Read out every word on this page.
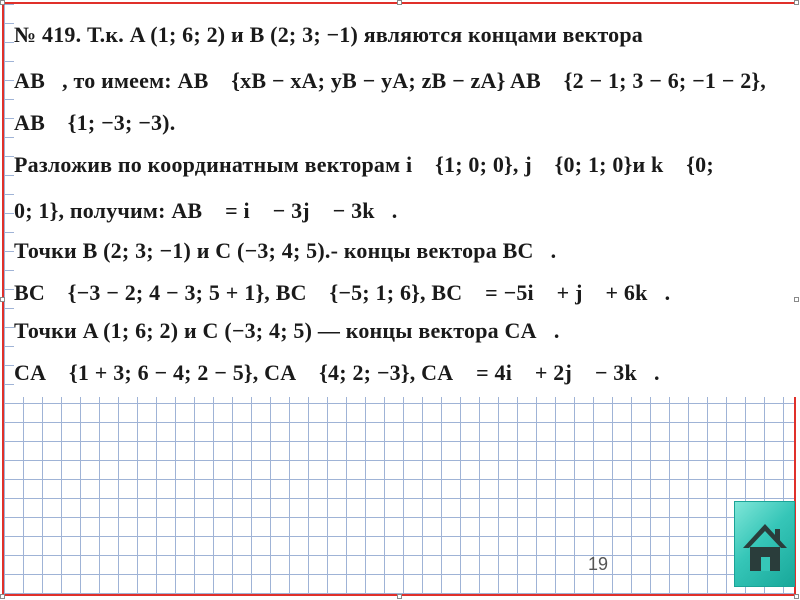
№ 419. Т.к. A (1; 6; 2) и B (2; 3; −1) являются концами вектора
AB⃗, то имеем: AB⃗ {xB − xA; yB − yA; zB − zA} AB⃗ {2 − 1; 3 − 6; −1 − 2},
AB⃗ {1; −3; −3).
Разложив по координатным векторам i⃗ {1; 0; 0}, j⃗ {0; 1; 0}и k⃗ {0;
0; 1}, получим: AB⃗ = i⃗ − 3j⃗ − 3k⃗.
Точки B (2; 3; −1) и C (−3; 4; 5).- концы вектора BC⃗.
BC⃗ {−3 − 2; 4 − 3; 5 + 1}, BC⃗ {−5; 1; 6}, BC⃗ = −5i⃗ + j⃗ + 6k⃗.
Точки A (1; 6; 2) и C (−3; 4; 5) — концы вектора CA⃗.
CA⃗ {1 + 3; 6 − 4; 2 − 5}, CA⃗ {4; 2; −3}, CA⃗ = 4i⃗ + 2j⃗ − 3k⃗.
19
